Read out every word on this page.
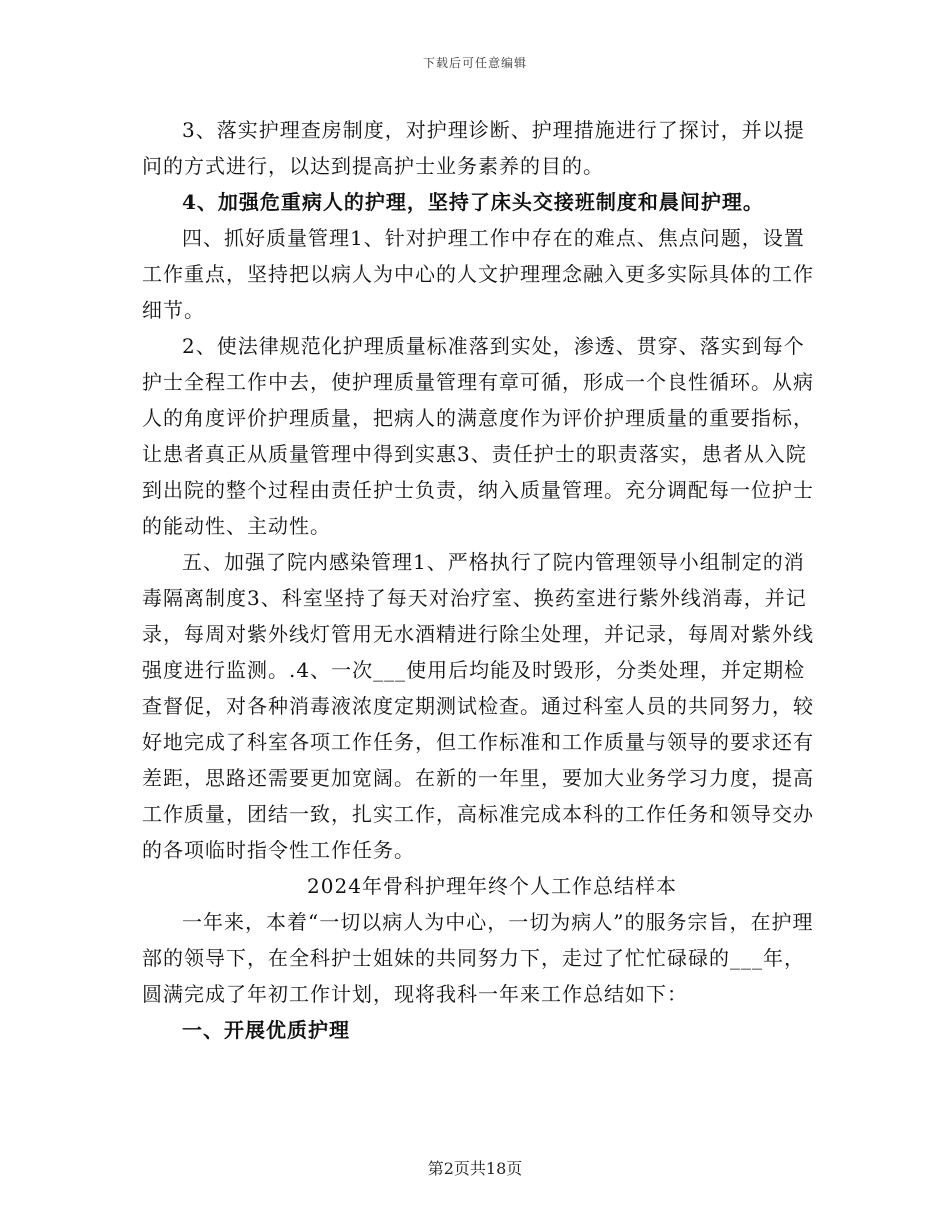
下载后可任意编辑

3、落实护理查房制度，对护理诊断、护理措施进行了探讨，并以提问的方式进行，以达到提高护士业务素养的目的。

4、加强危重病人的护理，坚持了床头交接班制度和晨间护理。

四、抓好质量管理1、针对护理工作中存在的难点、焦点问题，设置工作重点，坚持把以病人为中心的人文护理理念融入更多实际具体的工作细节。

2、使法律规范化护理质量标准落到实处，渗透、贯穿、落实到每个护士全程工作中去，使护理质量管理有章可循，形成一个良性循环。从病人的角度评价护理质量，把病人的满意度作为评价护理质量的重要指标，让患者真正从质量管理中得到实惠3、责任护士的职责落实，患者从入院到出院的整个过程由责任护士负责，纳入质量管理。充分调配每一位护士的能动性、主动性。

五、加强了院内感染管理1、严格执行了院内管理领导小组制定的消毒隔离制度3、科室坚持了每天对治疗室、换药室进行紫外线消毒，并记录，每周对紫外线灯管用无水酒精进行除尘处理，并记录，每周对紫外线强度进行监测。.4、一次___使用后均能及时毁形，分类处理，并定期检查督促，对各种消毒液浓度定期测试检查。通过科室人员的共同努力，较好地完成了科室各项工作任务，但工作标准和工作质量与领导的要求还有差距，思路还需要更加宽阔。在新的一年里，要加大业务学习力度，提高工作质量，团结一致，扎实工作，高标准完成本科的工作任务和领导交办的各项临时指令性工作任务。

2024年骨科护理年终个人工作总结样本

一年来，本着“一切以病人为中心，一切为病人”的服务宗旨，在护理部的领导下，在全科护士姐妹的共同努力下，走过了忙忙碌碌的___年，圆满完成了年初工作计划，现将我科一年来工作总结如下：

一、开展优质护理

第2页共18页
